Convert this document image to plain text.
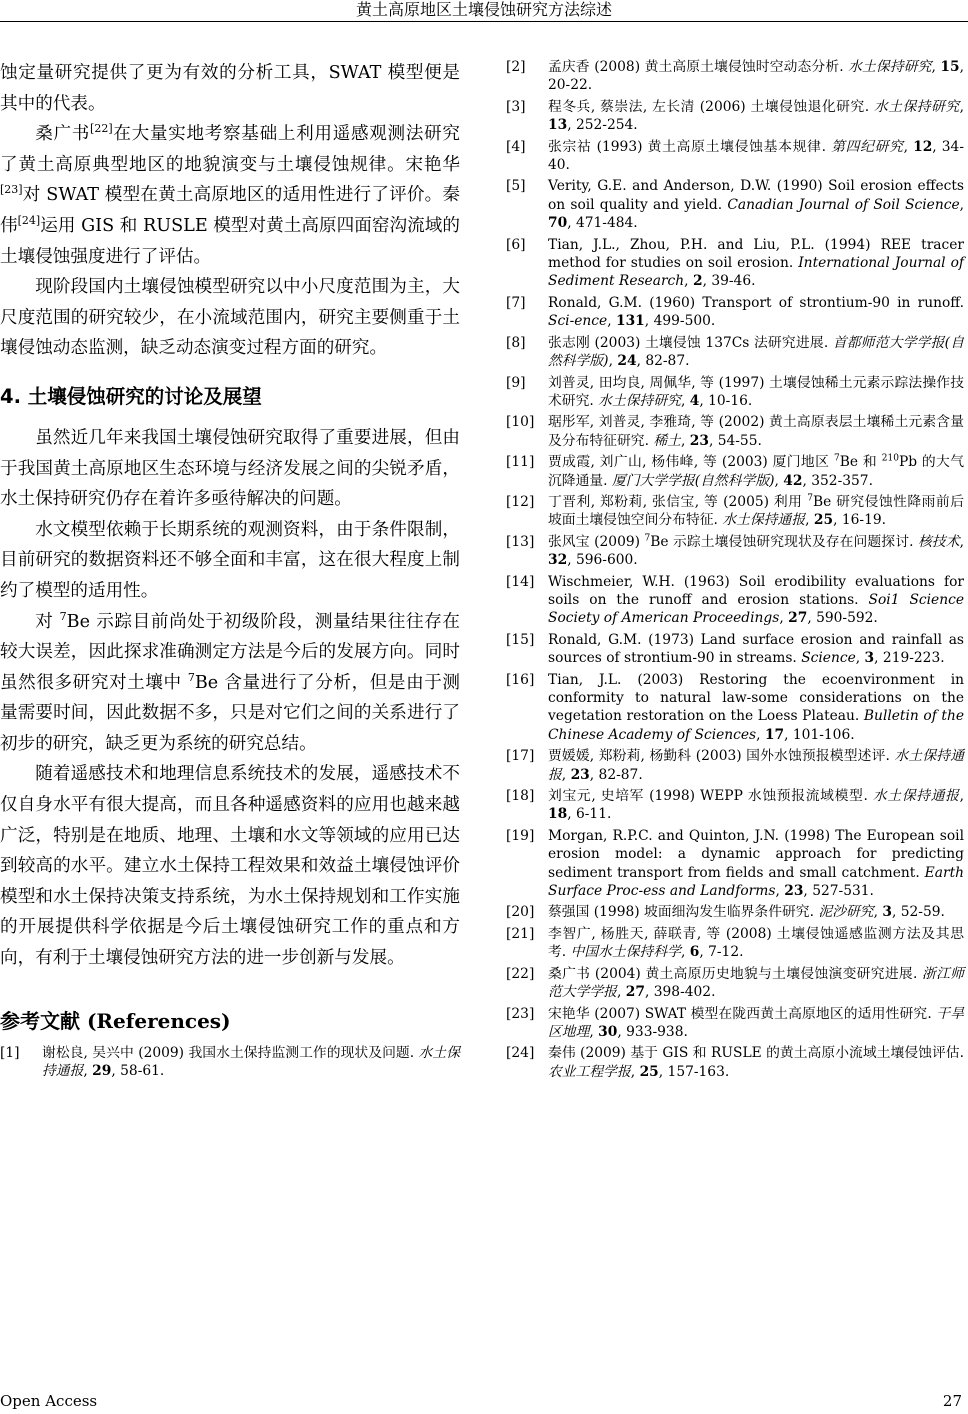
黄土高原地区土壤侵蚀研究方法综述

蚀定量研究提供了更为有效的分析工具，SWAT 模型便是其中的代表。

桑广书[22]在大量实地考察基础上利用遥感观测法研究了黄土高原典型地区的地貌演变与土壤侵蚀规律。宋艳华[23]对 SWAT 模型在黄土高原地区的适用性进行了评价。秦伟[24]运用 GIS 和 RUSLE 模型对黄土高原四面窑沟流域的土壤侵蚀强度进行了评估。

现阶段国内土壤侵蚀模型研究以中小尺度范围为主，大尺度范围的研究较少，在小流域范围内，研究主要侧重于土壤侵蚀动态监测，缺乏动态演变过程方面的研究。

4. 土壤侵蚀研究的讨论及展望

虽然近几年来我国土壤侵蚀研究取得了重要进展，但由于我国黄土高原地区生态环境与经济发展之间的尖锐矛盾，水土保持研究仍存在着许多亟待解决的问题。

水文模型依赖于长期系统的观测资料，由于条件限制，目前研究的数据资料还不够全面和丰富，这在很大程度上制约了模型的适用性。

对 $^7$Be 示踪目前尚处于初级阶段，测量结果往往存在较大误差，因此探求准确测定方法是今后的发展方向。同时虽然很多研究对土壤中 $^7$Be 含量进行了分析，但是由于测量需要时间，因此数据不多，只是对它们之间的关系进行了初步的研究，缺乏更为系统的研究总结。

随着遥感技术和地理信息系统技术的发展，遥感技术不仅自身水平有很大提高，而且各种遥感资料的应用也越来越广泛，特别是在地质、地理、土壤和水文等领域的应用已达到较高的水平。建立水土保持工程效果和效益土壤侵蚀评价模型和水土保持决策支持系统，为水土保持规划和工作实施的开展提供科学依据是今后土壤侵蚀研究工作的重点和方向，有利于土壤侵蚀研究方法的进一步创新与发展。

参考文献 (References)
[1] 谢松良, 吴兴中 (2009) 我国水土保持监测工作的现状及问题. 水土保持通报, 29, 58-61.
[2] 孟庆香 (2008) 黄土高原土壤侵蚀时空动态分析. 水土保持研究, 15, 20-22.
[3] 程冬兵, 蔡崇法, 左长清 (2006) 土壤侵蚀退化研究. 水土保持研究, 13, 252-254.
[4] 张宗祜 (1993) 黄土高原土壤侵蚀基本规律. 第四纪研究, 12, 34-40.
[5] Verity, G.E. and Anderson, D.W. (1990) Soil erosion effects on soil quality and yield. Canadian Journal of Soil Science, 70, 471-484.
[6] Tian, J.L., Zhou, P.H. and Liu, P.L. (1994) REE tracer method for studies on soil erosion. International Journal of Sediment Research, 2, 39-46.
[7] Ronald, G.M. (1960) Transport of strontium-90 in runoff. Sci-ence, 131, 499-500.
[8] 张志刚 (2003) 土壤侵蚀 137Cs 法研究进展. 首都师范大学学报(自然科学版), 24, 82-87.
[9] 刘普灵, 田均良, 周佩华, 等 (1997) 土壤侵蚀稀土元素示踪法操作技术研究. 水土保持研究, 4, 10-16.
[10] 琚彤军, 刘普灵, 李雅琦, 等 (2002) 黄土高原表层土壤稀土元素含量及分布特征研究. 稀土, 23, 54-55.
[11] 贾成霞, 刘广山, 杨伟峰, 等 (2003) 厦门地区 $^7$Be 和 $^{210}$Pb 的大气沉降通量. 厦门大学学报(自然科学版), 42, 352-357.
[12] 丁晋利, 郑粉莉, 张信宝, 等 (2005) 利用 $^7$Be 研究侵蚀性降雨前后坡面土壤侵蚀空间分布特征. 水土保持通报, 25, 16-19.
[13] 张风宝 (2009) $^7$Be 示踪土壤侵蚀研究现状及存在问题探讨. 核技术, 32, 596-600.
[14] Wischmeier, W.H. (1963) Soil erodibility evaluations for soils on the runoff and erosion stations. Soi1 Science Society of American Proceedings, 27, 590-592.
[15] Ronald, G.M. (1973) Land surface erosion and rainfall as sources of strontium-90 in streams. Science, 3, 219-223.
[16] Tian, J.L. (2003) Restoring the ecoenvironment in conformity to natural law-some considerations on the vegetation restoration on the Loess Plateau. Bulletin of the Chinese Academy of Sciences, 17, 101-106.
[17] 贾媛媛, 郑粉莉, 杨勤科 (2003) 国外水蚀预报模型述评. 水土保持通报, 23, 82-87.
[18] 刘宝元, 史培军 (1998) WEPP 水蚀预报流域模型. 水土保持通报, 18, 6-11.
[19] Morgan, R.P.C. and Quinton, J.N. (1998) The European soil erosion model: a dynamic approach for predicting sediment transport from fields and small catchment. Earth Surface Proc-ess and Landforms, 23, 527-531.
[20] 蔡强国 (1998) 坡面细沟发生临界条件研究. 泥沙研究, 3, 52-59.
[21] 李智广, 杨胜天, 薛联青, 等 (2008) 土壤侵蚀遥感监测方法及其思考. 中国水土保持科学, 6, 7-12.
[22] 桑广书 (2004) 黄土高原历史地貌与土壤侵蚀演变研究进展. 浙江师范大学学报, 27, 398-402.
[23] 宋艳华 (2007) SWAT 模型在陇西黄土高原地区的适用性研究. 干旱区地理, 30, 933-938.
[24] 秦伟 (2009) 基于 GIS 和 RUSLE 的黄土高原小流域土壤侵蚀评估. 农业工程学报, 25, 157-163.
Open Access	27
